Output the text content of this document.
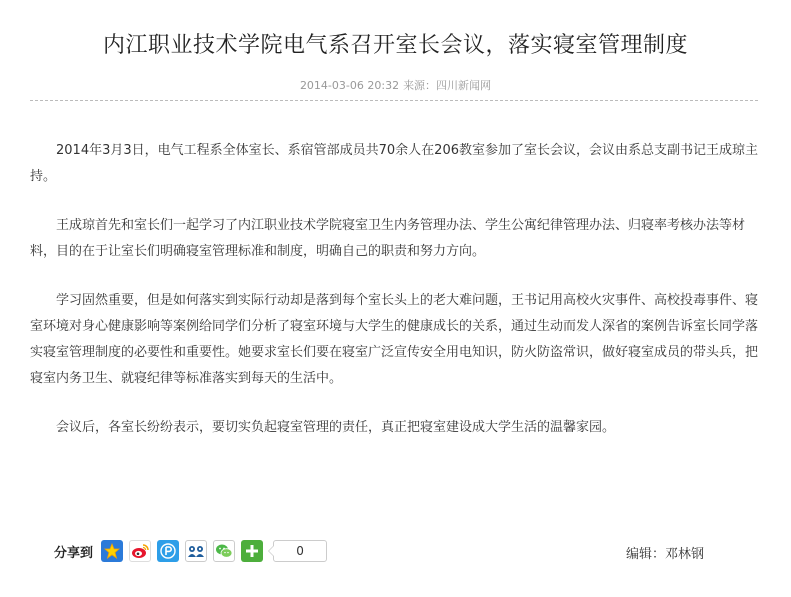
内江职业技术学院电气系召开室长会议，落实寝室管理制度
2014-03-06 20:32 来源：四川新闻网

2014年3月3日，电气工程系全体室长、系宿管部成员共70余人在206教室参加了室长会议，会议由系总支副书记王成琼主持。

王成琼首先和室长们一起学习了内江职业技术学院寝室卫生内务管理办法、学生公寓纪律管理办法、归寝率考核办法等材料，目的在于让室长们明确寝室管理标准和制度，明确自己的职责和努力方向。

学习固然重要，但是如何落实到实际行动却是落到每个室长头上的老大难问题，王书记用高校火灾事件、高校投毒事件、寝室环境对身心健康影响等案例给同学们分析了寝室环境与大学生的健康成长的关系，通过生动而发人深省的案例告诉室长同学落实寝室管理制度的必要性和重要性。她要求室长们要在寝室广泛宣传安全用电知识，防火防盗常识，做好寝室成员的带头兵，把寝室内务卫生、就寝纪律等标准落实到每天的生活中。

会议后，各室长纷纷表示，要切实负起寝室管理的责任，真正把寝室建设成大学生活的温馨家园。

分享到	0	编辑：邓林钢
